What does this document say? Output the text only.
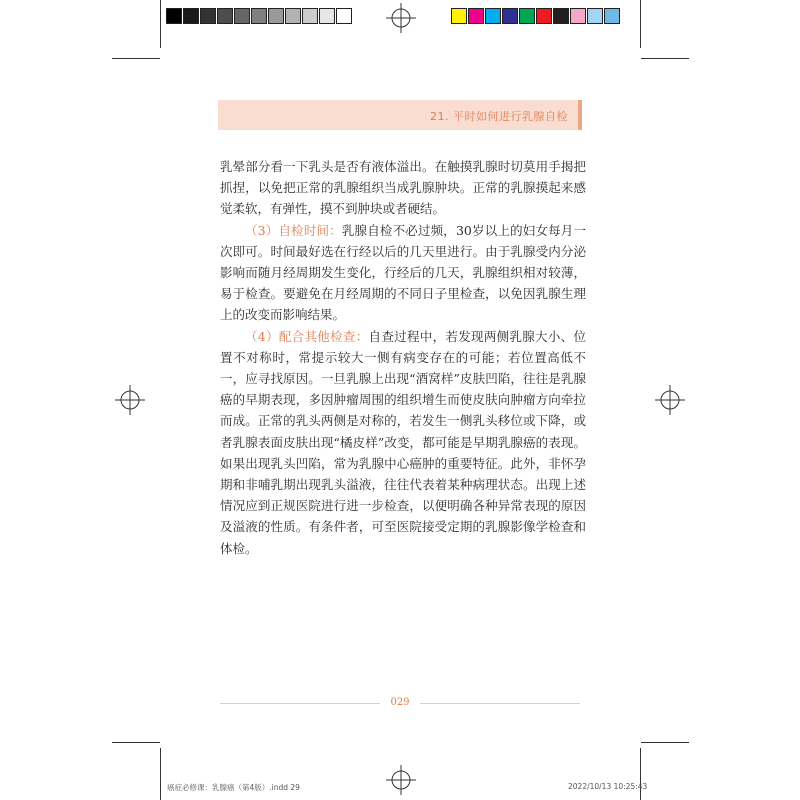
21. 平时如何进行乳腺自检

乳晕部分看一下乳头是否有液体溢出。在触摸乳腺时切莫用手揭把抓捏，以免把正常的乳腺组织当成乳腺肿块。正常的乳腺摸起来感觉柔软，有弹性，摸不到肿块或者硬结。

（3）自检时间：乳腺自检不必过频，30岁以上的妇女每月一次即可。时间最好选在行经以后的几天里进行。由于乳腺受内分泌影响而随月经周期发生变化，行经后的几天，乳腺组织相对较薄，易于检查。要避免在月经周期的不同日子里检查，以免因乳腺生理上的改变而影响结果。

（4）配合其他检查：自查过程中，若发现两侧乳腺大小、位置不对称时，常提示较大一侧有病变存在的可能；若位置高低不一，应寻找原因。一旦乳腺上出现“酒窝样”皮肤凹陷，往往是乳腺癌的早期表现，多因肿瘤周围的组织增生而使皮肤向肿瘤方向牵拉而成。正常的乳头两侧是对称的，若发生一侧乳头移位或下降，或者乳腺表面皮肤出现“橘皮样”改变，都可能是早期乳腺癌的表现。如果出现乳头凹陷，常为乳腺中心癌肿的重要特征。此外，非怀孕期和非哺乳期出现乳头溢液，往往代表着某种病理状态。出现上述情况应到正规医院进行进一步检查，以便明确各种异常表现的原因及溢液的性质。有条件者，可至医院接受定期的乳腺影像学检查和体检。

029
癌症必修课：乳腺癌（第4版）.indd 29	2022/10/13 10:25:43
